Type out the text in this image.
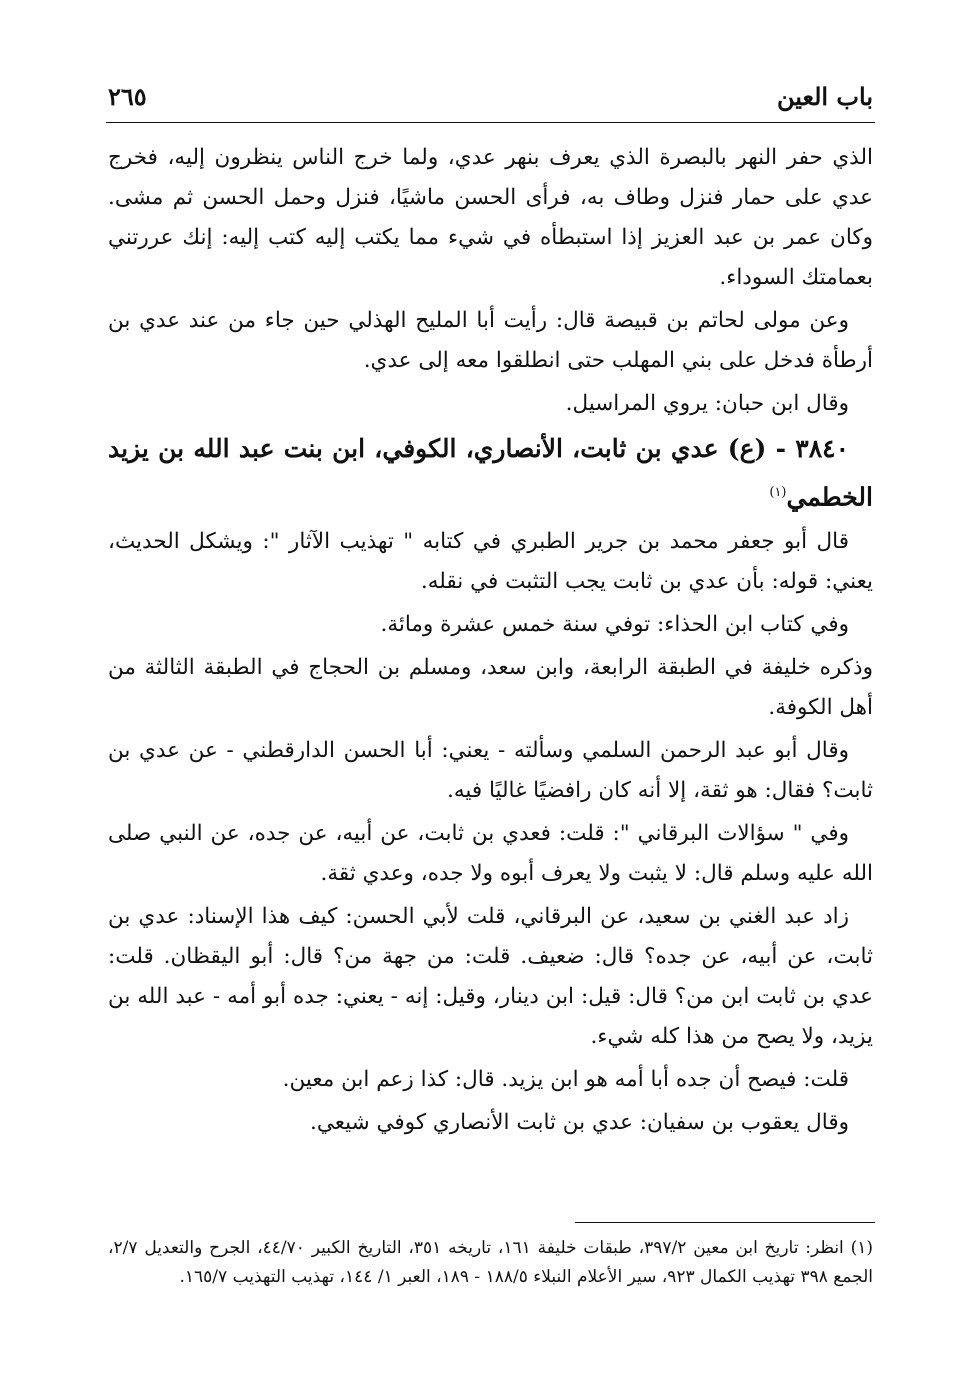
باب العين
٢٦٥

الذي حفر النهر بالبصرة الذي يعرف بنهر عدي، ولما خرج الناس ينظرون إليه، فخرج عدي على حمار فنزل وطاف به، فرأى الحسن ماشيًا، فنزل وحمل الحسن ثم مشى. وكان عمر بن عبد العزيز إذا استبطأه في شيء مما يكتب إليه كتب إليه: إنك عررتني بعمامتك السوداء.

وعن مولى لحاتم بن قبيصة قال: رأيت أبا المليح الهذلي حين جاء من عند عدي بن أرطأة فدخل على بني المهلب حتى انطلقوا معه إلى عدي.

وقال ابن حبان: يروي المراسيل.

٣٨٤٠ - (ع) عدي بن ثابت، الأنصاري، الكوفي، ابن بنت عبد الله بن يزيد الخطمي$^{(١)}$

قال أبو جعفر محمد بن جرير الطبري في كتابه " تهذيب الآثار ": ويشكل الحديث، يعني: قوله: بأن عدي بن ثابت يجب التثبت في نقله.

وفي كتاب ابن الحذاء: توفي سنة خمس عشرة ومائة.

وذكره خليفة في الطبقة الرابعة، وابن سعد، ومسلم بن الحجاج في الطبقة الثالثة من أهل الكوفة.

وقال أبو عبد الرحمن السلمي وسألته - يعني: أبا الحسن الدارقطني - عن عدي بن ثابت؟ فقال: هو ثقة، إلا أنه كان رافضيًا غاليًا فيه.

وفي " سؤالات البرقاني ": قلت: فعدي بن ثابت، عن أبيه، عن جده، عن النبي صلى الله عليه وسلم قال: لا يثبت ولا يعرف أبوه ولا جده، وعدي ثقة.

زاد عبد الغني بن سعيد، عن البرقاني، قلت لأبي الحسن: كيف هذا الإسناد: عدي بن ثابت، عن أبيه، عن جده؟ قال: ضعيف. قلت: من جهة من؟ قال: أبو اليقظان. قلت: عدي بن ثابت ابن من؟ قال: قيل: ابن دينار، وقيل: إنه - يعني: جده أبو أمه - عبد الله بن يزيد، ولا يصح من هذا كله شيء.

قلت: فيصح أن جده أبا أمه هو ابن يزيد. قال: كذا زعم ابن معين.

وقال يعقوب بن سفيان: عدي بن ثابت الأنصاري كوفي شيعي.

(١) انظر: تاريخ ابن معين ٣٩٧/٢، طبقات خليفة ١٦١، تاريخه ٣٥١، التاريخ الكبير ٤٤/٧٠، الجرح والتعديل ٢/٧، الجمع ٣٩٨ تهذيب الكمال ٩٢٣، سير الأعلام النبلاء ١٨٨/٥ - ١٨٩، العبر ١/ ١٤٤، تهذيب التهذيب ١٦٥/٧.
